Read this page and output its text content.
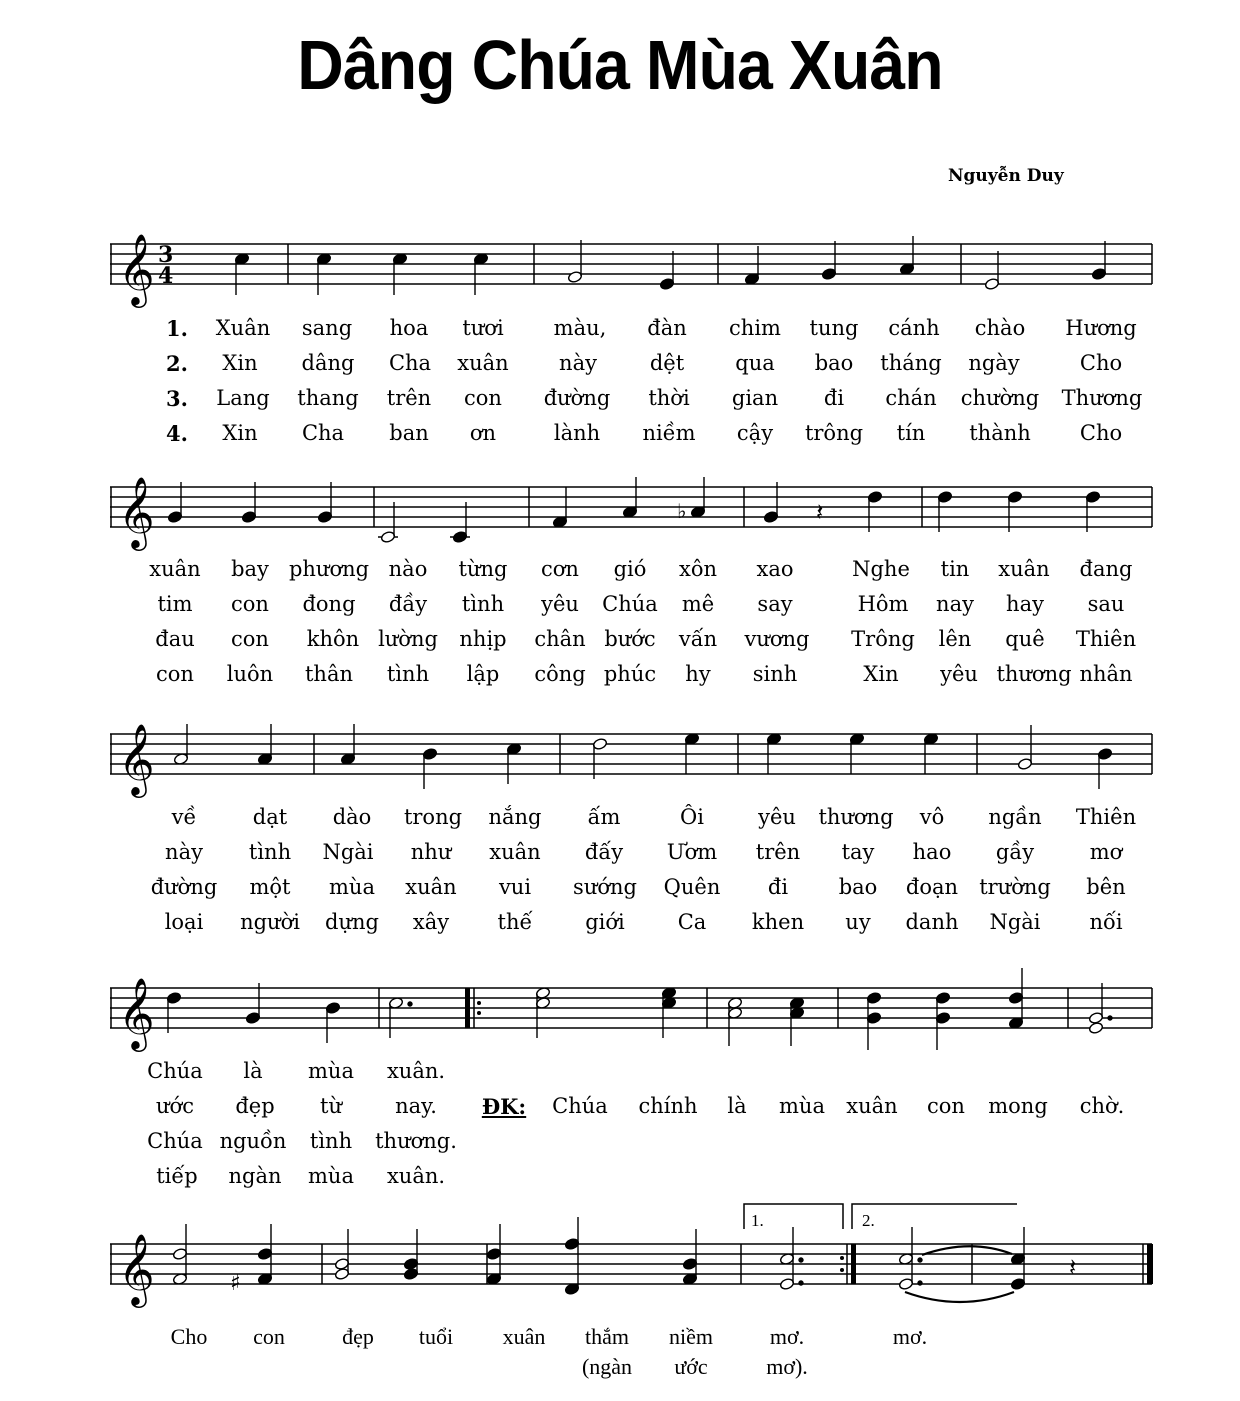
Dâng Chúa Mùa Xuân
Nguyễn Duy
𝄞 3
4
1. Xuân sang hoa tươi màu, đàn chim tung cánh chào Hương
2. Xin dâng Cha xuân này	dệt qua bao tháng ngày	Cho
3. Lang thang trên con đường thời gian đi chán chường Thương
4. Xin Cha ban ơn	lành niềm cậy trông tín thành Cho
𝄞	♭	𝄽
xuân bay phương nào từng cơn gió xôn xao	Nghe tin xuân đang
tim con đong đầy tình yêu Chúa mê say	Hôm nay hay sau
đau con khôn lường nhịp chân bước vấn vương Trông lên quê Thiên
con luôn thân tình lập công phúc hy sinh	Xin yêu thương nhân
𝄞
về	dạt dào trong nắng ấm	Ôi	yêu thương vô ngần Thiên
này tình Ngài như xuân đấy Ươm trên tay hao gầy	mơ
đường một mùa xuân vui sướng Quên đi bao đoạn trường bên
loại người dựng xây thế	giới	Ca khen uy danh Ngài nối
𝄞
Chúa là mùa xuân.
ước đẹp từ	nay. ĐK: Chúa chính là mùa xuân con mong chờ.
Chúa nguồn tình thương.
tiếp ngàn mùa xuân.
1.	2.
𝄞	♯
𝄽
Cho con	đẹp tuổi xuân thắm niềm	mơ.	mơ.
(ngàn ước	mơ).
